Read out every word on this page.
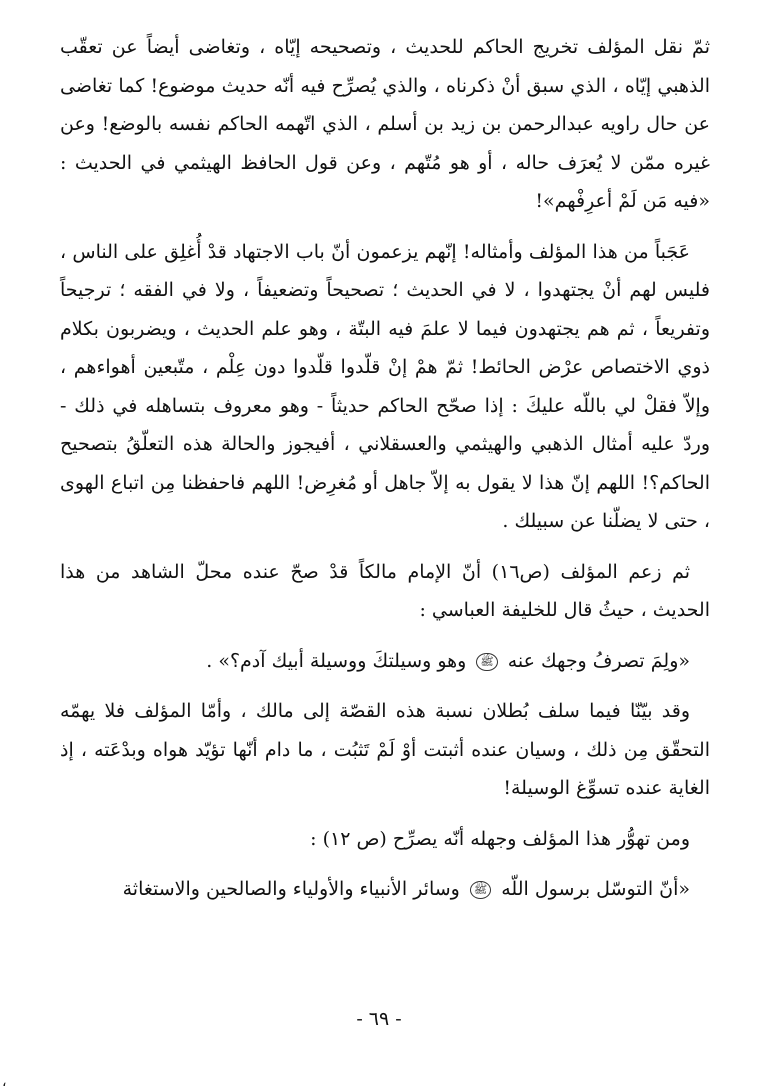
ثمّ نقل المؤلف تخريج الحاكم للحديث ، وتصحيحه إيّاه ، وتغاضى أيضاً عن تعقّب الذهبي إيّاه ، الذي سبق أنْ ذكرناه ، والذي يُصرِّح فيه أنّه حديث موضوع! كما تغاضى عن حال راويه عبدالرحمن بن زيد بن أسلم ، الذي اتّهمه الحاكم نفسه بالوضع! وعن غيره ممّن لا يُعرَف حاله ، أو هو مُتّهم ، وعن قول الحافظ الهيثمي في الحديث : «فيه مَن لَمْ أعرِفْهم»!

عَجَباً من هذا المؤلف وأمثاله! إنّهم يزعمون أنّ باب الاجتهاد قدْ أُغلِق على الناس ، فليس لهم أنْ يجتهدوا ، لا في الحديث ؛ تصحيحاً وتضعيفاً ، ولا في الفقه ؛ ترجيحاً وتفريعاً ، ثم هم يجتهدون فيما لا علمَ فيه البتّة ، وهو علم الحديث ، ويضربون بكلام ذوي الاختصاص عرْض الحائط! ثمّ همْ إنْ قلّدوا قلّدوا دون عِلْم ، متّبعين أهواءهم ، وإلاّ فقلْ لي باللّه عليكَ : إذا صحّح الحاكم حديثاً - وهو معروف بتساهله في ذلك - وردّ عليه أمثال الذهبي والهيثمي والعسقلاني ، أفيجوز والحالة هذه التعلّقُ بتصحيح الحاكم؟! اللهم إنّ هذا لا يقول به إلاّ جاهل أو مُغرِض! اللهم فاحفظنا مِن اتباع الهوى ، حتى لا يضلّنا عن سبيلك .

ثم زعم المؤلف (ص١٦) أنّ الإمام مالكاً قدْ صحّ عنده محلّ الشاهد من هذا الحديث ، حيثُ قال للخليفة العباسي :

«ولِمَ تصرفُ وجهك عنه ﷺ وهو وسيلتكَ ووسيلة أبيك آدم؟» .

وقد بيّنّا فيما سلف بُطلان نسبة هذه القصّة إلى مالك ، وأمّا المؤلف فلا يهمّه التحقّق مِن ذلك ، وسيان عنده أثبتت أوْ لَمْ تَثبُت ، ما دام أنّها تؤيّد هواه وبدْعَته ، إذ الغاية عنده تسوِّغ الوسيلة!

ومن تهوُّر هذا المؤلف وجهله أنّه يصرِّح (ص ١٢) :

«أنّ التوسّل برسول اللّه ﷺ وسائر الأنبياء والأولياء والصالحين والاستغاثة

- ٦٩ -
،
